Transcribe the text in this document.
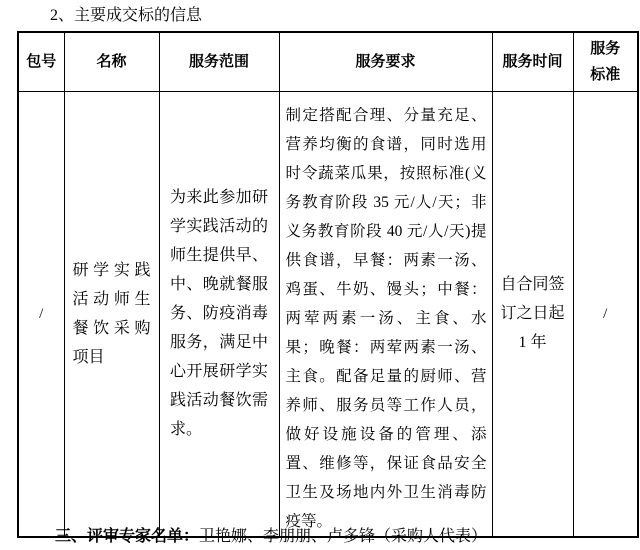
2、主要成交标的信息
包号	名称	服务范围	服务要求	服务时间	服务标准

/	研学实践活动师生餐饮采购项目	为来此参加研学实践活动的师生提供早、中、晚就餐服务、防疫消毒服务，满足中心开展研学实践活动餐饮需求。	制定搭配合理、分量充足、营养均衡的食谱，同时选用时令蔬菜瓜果，按照标准(义务教育阶段 35 元/人/天；非义务教育阶段 40 元/人/天)提供食谱，早餐：两素一汤、鸡蛋、牛奶、馒头；中餐：两荤两素一汤、主食、水果；晚餐：两荤两素一汤、主食。配备足量的厨师、营养师、服务员等工作人员，做好设施设备的管理、添置、维修等，保证食品安全卫生及场地内外卫生消毒防疫等。	自合同签订之日起 1 年	/
三、评审专家名单：卫艳娜、李朋朋、卢多锋（采购人代表）
